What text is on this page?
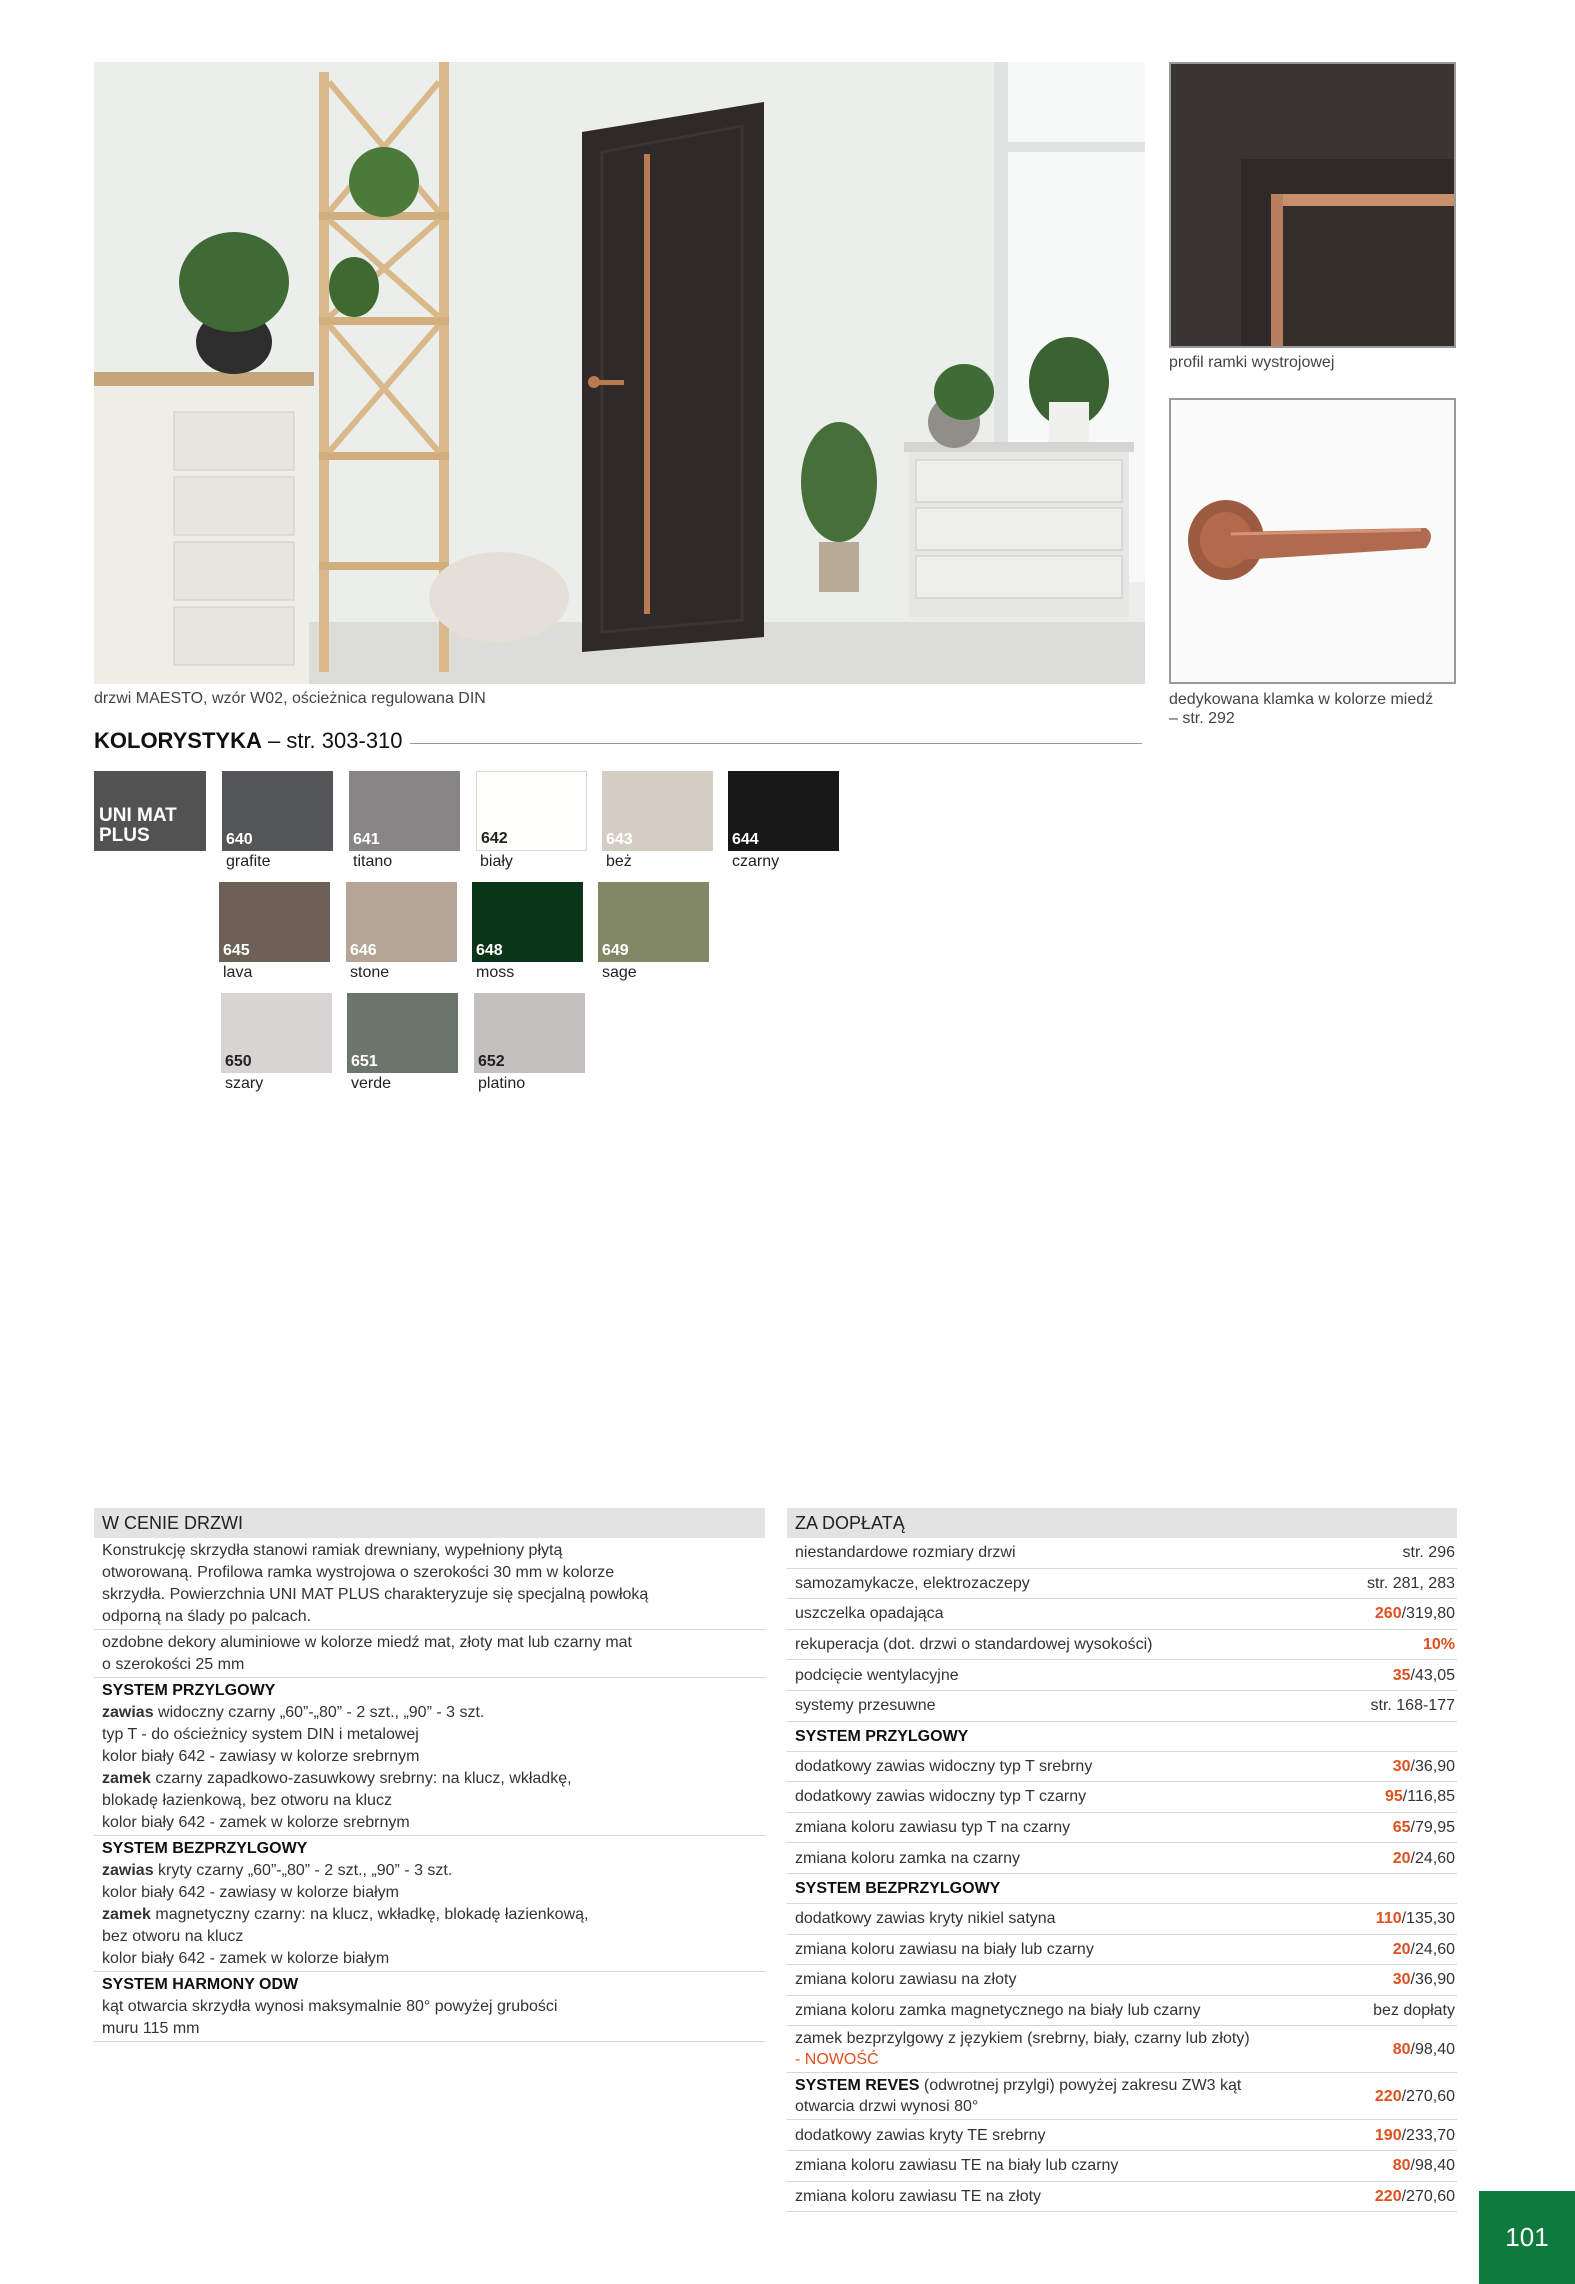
drzwi MAESTO, wzór W02, ościeżnica regulowana DIN
profil ramki wystrojowej
dedykowana klamka w kolorze miedź
– str. 292
KOLORYSTYKA – str. 303-310
UNI MAT
PLUS	640
grafite
641
titano
642
biały
643
beż
644
czarny
645
lava
646
stone
648
moss
649
sage
650
szary
651
verde
652
platino
W CENIE DRZWI
Konstrukcję skrzydła stanowi ramiak drewniany, wypełniony płytą
otworowaną. Profilowa ramka wystrojowa o szerokości 30 mm w kolorze
skrzydła. Powierzchnia UNI MAT PLUS charakteryzuje się specjalną powłoką
odporną na ślady po palcach.
ozdobne dekory aluminiowe w kolorze miedź mat, złoty mat lub czarny mat
o szerokości 25 mm
SYSTEM PRZYLGOWY
zawias widoczny czarny „60”-„80” - 2 szt., „90” - 3 szt.
typ T - do ościeżnicy system DIN i metalowej
kolor biały 642 - zawiasy w kolorze srebrnym
zamek czarny zapadkowo-zasuwkowy srebrny: na klucz, wkładkę,
blokadę łazienkową, bez otworu na klucz
kolor biały 642 - zamek w kolorze srebrnym
SYSTEM BEZPRZYLGOWY
zawias kryty czarny „60”-„80” - 2 szt., „90” - 3 szt.
kolor biały 642 - zawiasy w kolorze białym
zamek magnetyczny czarny: na klucz, wkładkę, blokadę łazienkową,
bez otworu na klucz
kolor biały 642 - zamek w kolorze białym
SYSTEM HARMONY ODW
kąt otwarcia skrzydła wynosi maksymalnie 80° powyżej grubości
muru 115 mm
ZA DOPŁATĄ
niestandardowe rozmiary drzwi	str. 296
samozamykacze, elektrozaczepy	str. 281, 283
uszczelka opadająca	260/319,80
rekuperacja (dot. drzwi o standardowej wysokości)	10%
podcięcie wentylacyjne	35/43,05
systemy przesuwne	str. 168-177
SYSTEM PRZYLGOWY
dodatkowy zawias widoczny typ T srebrny	30/36,90
dodatkowy zawias widoczny typ T czarny	95/116,85
zmiana koloru zawiasu typ T na czarny	65/79,95
zmiana koloru zamka na czarny	20/24,60
SYSTEM BEZPRZYLGOWY
dodatkowy zawias kryty nikiel satyna	110/135,30
zmiana koloru zawiasu na biały lub czarny	20/24,60
zmiana koloru zawiasu na złoty	30/36,90
zmiana koloru zamka magnetycznego na biały lub czarny	bez dopłaty
zamek bezprzylgowy z językiem (srebrny, biały, czarny lub złoty)
- NOWOŚĆ
80/98,40
SYSTEM REVES (odwrotnej przylgi) powyżej zakresu ZW3 kąt
otwarcia drzwi wynosi 80°
220/270,60
dodatkowy zawias kryty TE srebrny	190/233,70
zmiana koloru zawiasu TE na biały lub czarny	80/98,40
zmiana koloru zawiasu TE na złoty	220/270,60
101
